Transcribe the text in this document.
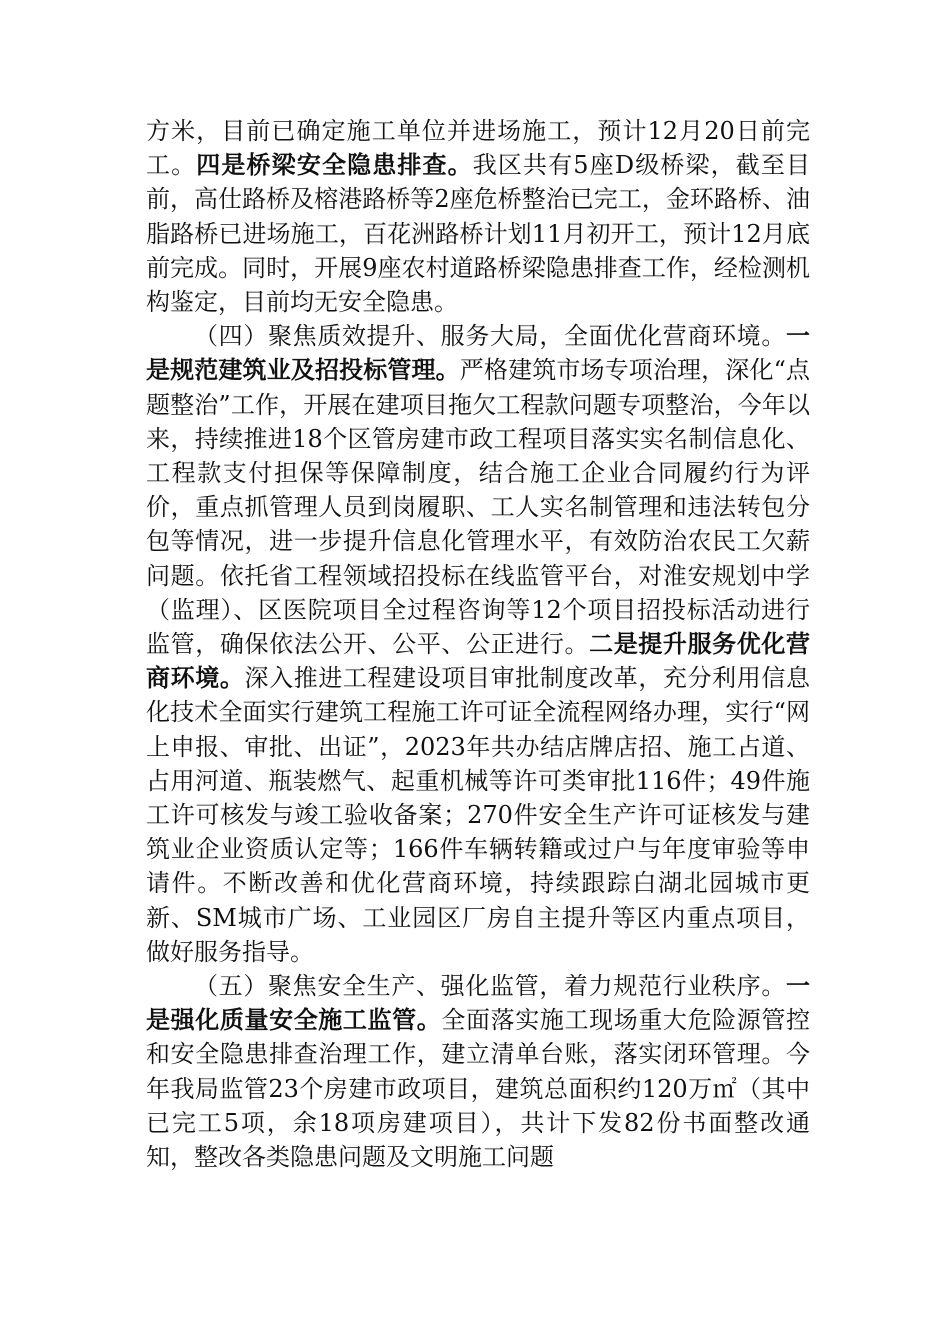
方米，目前已确定施工单位并进场施工，预计12月20日前完工。四是桥梁安全隐患排查。我区共有5座D级桥梁，截至目前，高仕路桥及榕港路桥等2座危桥整治已完工，金环路桥、油脂路桥已进场施工，百花洲路桥计划11月初开工，预计12月底前完成。同时，开展9座农村道路桥梁隐患排查工作，经检测机构鉴定，目前均无安全隐患。

（四）聚焦质效提升、服务大局，全面优化营商环境。一是规范建筑业及招投标管理。严格建筑市场专项治理，深化“点题整治”工作，开展在建项目拖欠工程款问题专项整治，今年以来，持续推进18个区管房建市政工程项目落实实名制信息化、工程款支付担保等保障制度，结合施工企业合同履约行为评价，重点抓管理人员到岗履职、工人实名制管理和违法转包分包等情况，进一步提升信息化管理水平，有效防治农民工欠薪问题。依托省工程领域招投标在线监管平台，对淮安规划中学（监理）、区医院项目全过程咨询等12个项目招投标活动进行监管，确保依法公开、公平、公正进行。二是提升服务优化营商环境。深入推进工程建设项目审批制度改革，充分利用信息化技术全面实行建筑工程施工许可证全流程网络办理，实行“网上申报、审批、出证”，2023年共办结店牌店招、施工占道、占用河道、瓶装燃气、起重机械等许可类审批116件；49件施工许可核发与竣工验收备案；270件安全生产许可证核发与建筑业企业资质认定等；166件车辆转籍或过户与年度审验等申请件。不断改善和优化营商环境，持续跟踪白湖北园城市更新、SM城市广场、工业园区厂房自主提升等区内重点项目，做好服务指导。

（五）聚焦安全生产、强化监管，着力规范行业秩序。一是强化质量安全施工监管。全面落实施工现场重大危险源管控和安全隐患排查治理工作，建立清单台账，落实闭环管理。今年我局监管23个房建市政项目，建筑总面积约120万㎡（其中已完工5项，余18项房建项目），共计下发82份书面整改通知，整改各类隐患问题及文明施工问题
